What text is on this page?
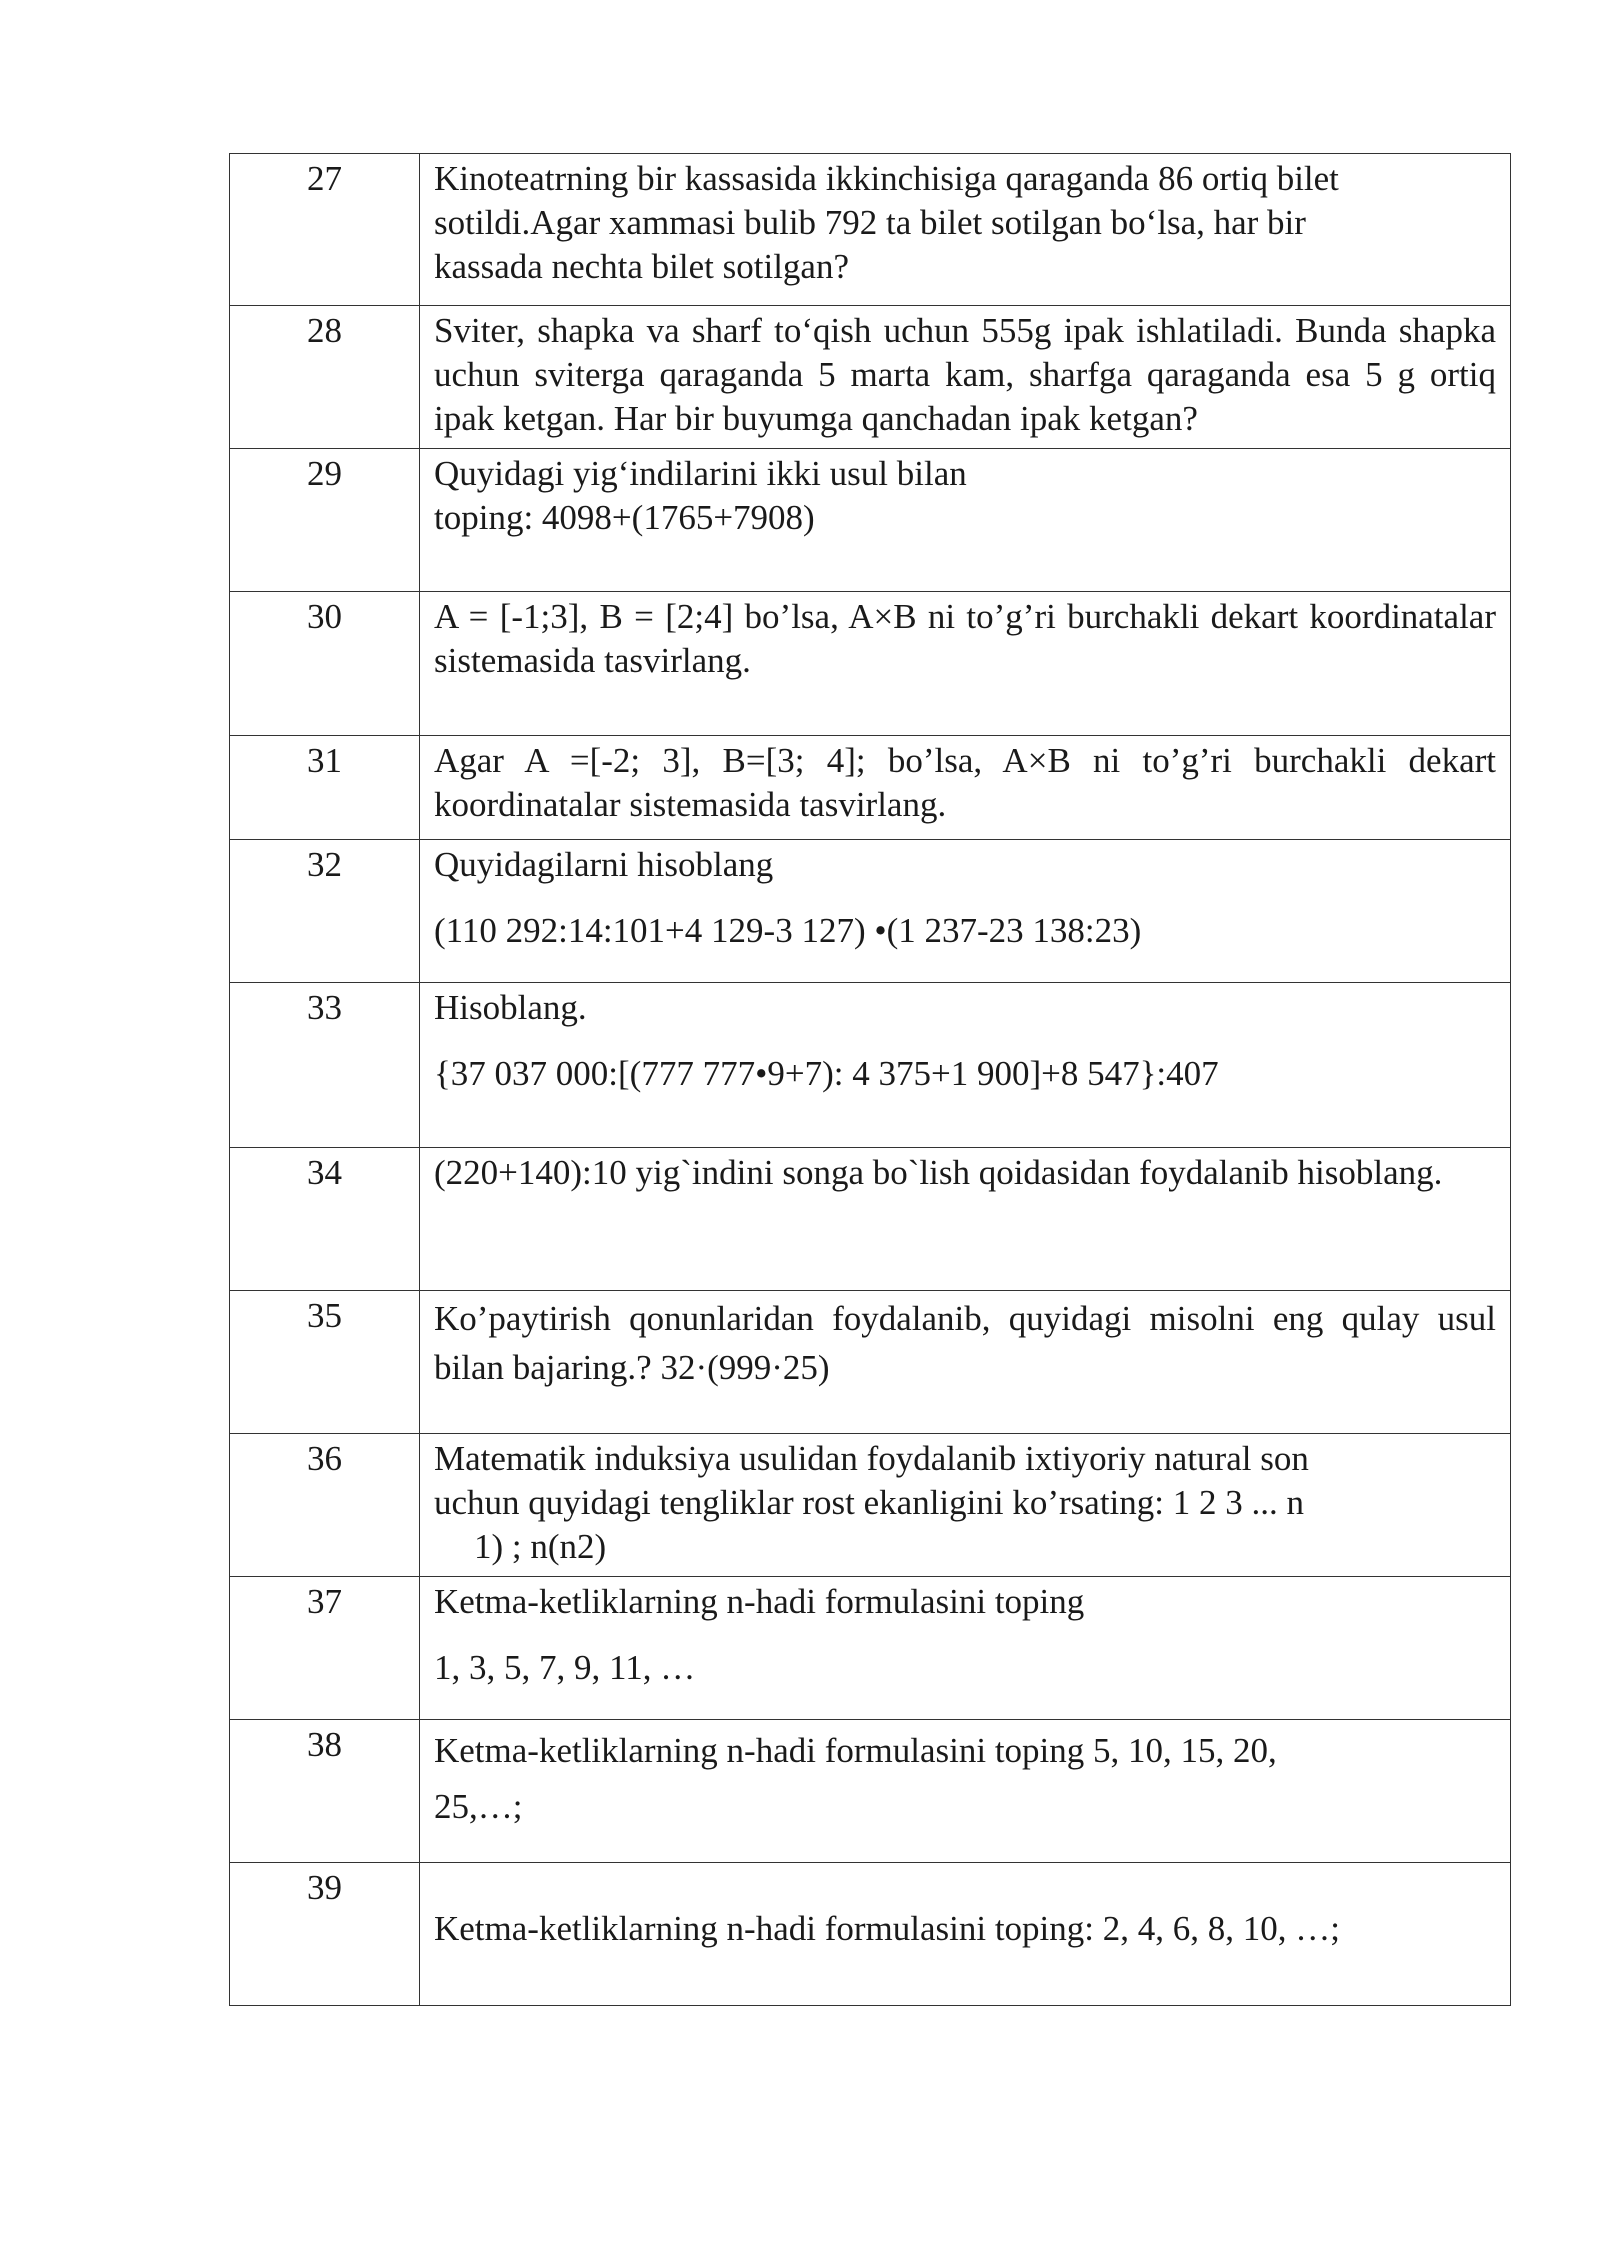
27	Kinoteatrning bir kassasida ikkinchisiga qaraganda 86 ortiq bilet
sotildi.Agar xammasi bulib 792 ta bilet sotilgan bo‘lsa, har bir
kassada nechta bilet sotilgan?

28	Sviter, shapka va sharf to‘qish uchun 555g ipak ishlatiladi. Bunda shapka uchun sviterga qaraganda 5 marta kam, sharfga qaraganda esa 5 g ortiq ipak ketgan. Har bir buyumga qanchadan ipak ketgan?
29	Quyidagi yig‘indilarini ikki usul bilan
toping: 4098+(1765+7908)

30	A = [-1;3], B = [2;4] bo’lsa, A×B ni to’g’ri burchakli dekart koordinatalar sistemasida tasvirlang.
31	Agar A =[-2; 3], B=[3; 4]; bo’lsa, A×B ni to’g’ri burchakli dekart koordinatalar sistemasida tasvirlang.
32	Quyidagilarni hisoblang
(110 292:14:101+4 129-3 127) •(1 237-23 138:23)

33	Hisoblang.
{37 037 000:[(777 777•9+7): 4 375+1 900]+8 547}:407

34	(220+140):10 yig`indini songa bo`lish qoidasidan foydalanib hisoblang.
35	Ko’paytirish qonunlaridan foydalanib, quyidagi misolni eng qulay usul bilan bajaring.? 32·(999·25)
36	Matematik induksiya usulidan foydalanib ixtiyoriy natural son
uchun quyidagi tengliklar rost ekanligini ko’rsating: 1 2 3 ... n
1) ; n(n2)

37	Ketma-ketliklarning n-hadi formulasini toping
1, 3, 5, 7, 9, 11, …

38	Ketma-ketliklarning n-hadi formulasini toping 5, 10, 15, 20,
25,…;

39	Ketma-ketliklarning n-hadi formulasini toping: 2, 4, 6, 8, 10, …;
